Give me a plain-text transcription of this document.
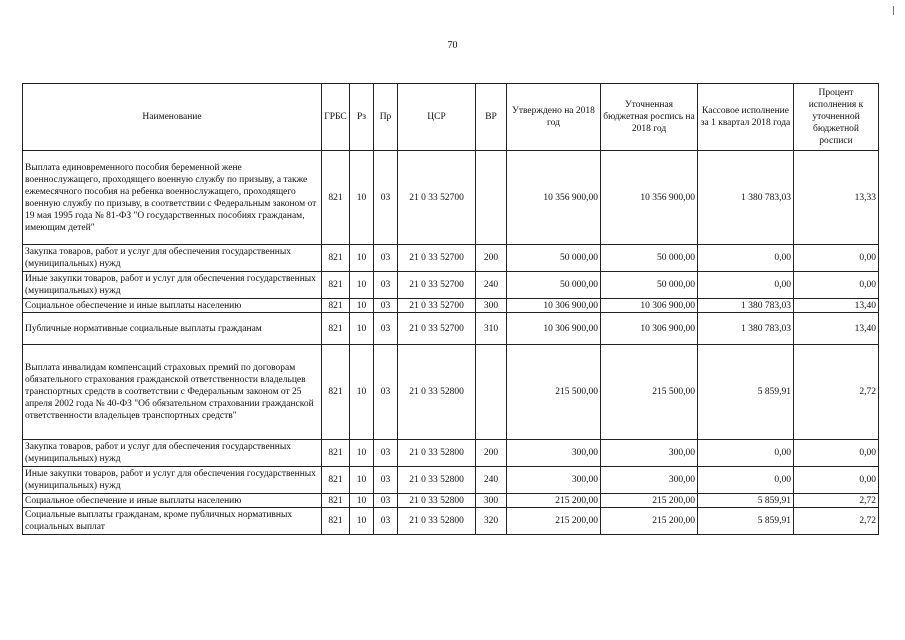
70
Наименование	ГРБС	Рз	Пр	ЦСР	ВР	Утверждено на 2018 год	Уточненная бюджетная роспись на 2018 год	Кассовое исполнение за 1 квартал 2018 года	Процент исполнения к уточненной бюджетной росписи
Выплата единовременного пособия беременной жене военнослужащего, проходящего военную службу по призыву, а также ежемесячного пособия на ребенка военнослужащего, проходящего военную службу по призыву, в соответствии с Федеральным законом от 19 мая 1995 года № 81-ФЗ "О государственных пособиях гражданам, имеющим детей"	821	10	03	21 0 33 52700		10 356 900,00	10 356 900,00	1 380 783,03	13,33
Закупка товаров, работ и услуг для обеспечения государственных (муниципальных) нужд	821	10	03	21 0 33 52700	200	50 000,00	50 000,00	0,00	0,00
Иные закупки товаров, работ и услуг для обеспечения государственных (муниципальных) нужд	821	10	03	21 0 33 52700	240	50 000,00	50 000,00	0,00	0,00
Социальное обеспечение и иные выплаты населению	821	10	03	21 0 33 52700	300	10 306 900,00	10 306 900,00	1 380 783,03	13,40
Публичные нормативные социальные выплаты гражданам	821	10	03	21 0 33 52700	310	10 306 900,00	10 306 900,00	1 380 783,03	13,40
Выплата инвалидам компенсаций страховых премий по договорам обязательного страхования гражданской ответственности владельцев транспортных средств в соответствии с Федеральным законом от 25 апреля 2002 года № 40-ФЗ "Об обязательном страховании гражданской ответственности владельцев транспортных средств"	821	10	03	21 0 33 52800		215 500,00	215 500,00	5 859,91	2,72
Закупка товаров, работ и услуг для обеспечения государственных (муниципальных) нужд	821	10	03	21 0 33 52800	200	300,00	300,00	0,00	0,00
Иные закупки товаров, работ и услуг для обеспечения государственных (муниципальных) нужд	821	10	03	21 0 33 52800	240	300,00	300,00	0,00	0,00
Социальное обеспечение и иные выплаты населению	821	10	03	21 0 33 52800	300	215 200,00	215 200,00	5 859,91	2,72
Социальные выплаты гражданам, кроме публичных нормативных социальных выплат	821	10	03	21 0 33 52800	320	215 200,00	215 200,00	5 859,91	2,72
